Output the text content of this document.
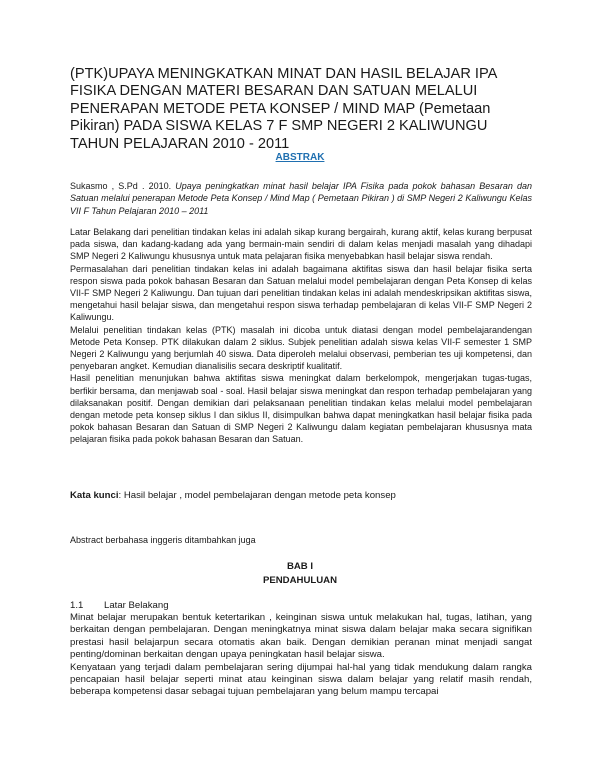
(PTK)UPAYA MENINGKATKAN MINAT DAN HASIL BELAJAR IPA FISIKA DENGAN MATERI BESARAN DAN SATUAN MELALUI PENERAPAN METODE PETA KONSEP / MIND MAP (Pemetaan Pikiran) PADA SISWA KELAS 7 F SMP NEGERI 2 KALIWUNGU TAHUN PELAJARAN 2010 - 2011
ABSTRAK

Sukasmo , S.Pd . 2010. Upaya peningkatkan minat hasil belajar IPA Fisika pada pokok bahasan Besaran dan Satuan melalui penerapan Metode Peta Konsep / Mind Map ( Pemetaan Pikiran ) di SMP Negeri 2 Kaliwungu Kelas VII F Tahun Pelajaran 2010 – 2011

Latar Belakang dari penelitian tindakan kelas ini adalah sikap kurang bergairah, kurang aktif, kelas kurang berpusat pada siswa, dan kadang-kadang ada yang bermain-main sendiri di dalam kelas menjadi masalah yang dihadapi SMP Negeri 2 Kaliwungu khususnya untuk mata pelajaran fisika menyebabkan hasil belajar siswa rendah.

Permasalahan dari penelitian tindakan kelas ini adalah bagaimana aktifitas siswa dan hasil belajar fisika serta respon siswa pada pokok bahasan Besaran dan Satuan melalui model pembelajaran dengan Peta Konsep di kelas VII-F SMP Negeri 2 Kaliwungu. Dan tujuan dari penelitian tindakan kelas ini adalah mendeskripsikan aktifitas siswa, mengetahui hasil belajar siswa, dan mengetahui respon siswa terhadap pembelajaran di kelas VII-F SMP Negeri 2 Kaliwungu.

Melalui penelitian tindakan kelas (PTK) masalah ini dicoba untuk diatasi dengan model pembelajarandengan Metode Peta Konsep. PTK dilakukan dalam 2 siklus. Subjek penelitian adalah siswa kelas VII-F semester 1 SMP Negeri 2 Kaliwungu yang berjumlah 40 siswa. Data diperoleh melalui observasi, pemberian tes uji kompetensi, dan penyebaran angket. Kemudian dianalisilis secara deskriptif kualitatif.

Hasil penelitian menunjukan bahwa aktifitas siswa meningkat dalam berkelompok, mengerjakan tugas-tugas, berfikir bersama, dan menjawab soal - soal. Hasil belajar siswa meningkat dan respon terhadap pembelajaran yang dilaksanakan positif. Dengan demikian dari pelaksanaan penelitian tindakan kelas melalui model pembelajaran dengan metode peta konsep siklus I dan siklus II, disimpulkan bahwa dapat meningkatkan hasil belajar fisika pada pokok bahasan Besaran dan Satuan di SMP Negeri 2 Kaliwungu dalam kegiatan pembelajaran khususnya mata pelajaran fisika pada pokok bahasan Besaran dan Satuan.

Kata kunci: Hasil belajar , model pembelajaran dengan metode peta konsep

Abstract berbahasa inggeris ditambahkan juga

BAB I
PENDAHULUAN

1.1 Latar Belakang

Minat belajar merupakan bentuk ketertarikan , keinginan siswa untuk melakukan hal, tugas, latihan, yang berkaitan dengan pembelajaran. Dengan meningkatnya minat siswa dalam belajar maka secara signifikan prestasi hasil belajarpun secara otomatis akan baik. Dengan demikian peranan minat menjadi sangat penting/dominan berkaitan dengan upaya peningkatan hasil belajar siswa.

Kenyataan yang terjadi dalam pembelajaran sering dijumpai hal-hal yang tidak mendukung dalam rangka pencapaian hasil belajar seperti minat atau keinginan siswa dalam belajar yang relatif masih rendah, beberapa kompetensi dasar sebagai tujuan pembelajaran yang belum mampu tercapai
